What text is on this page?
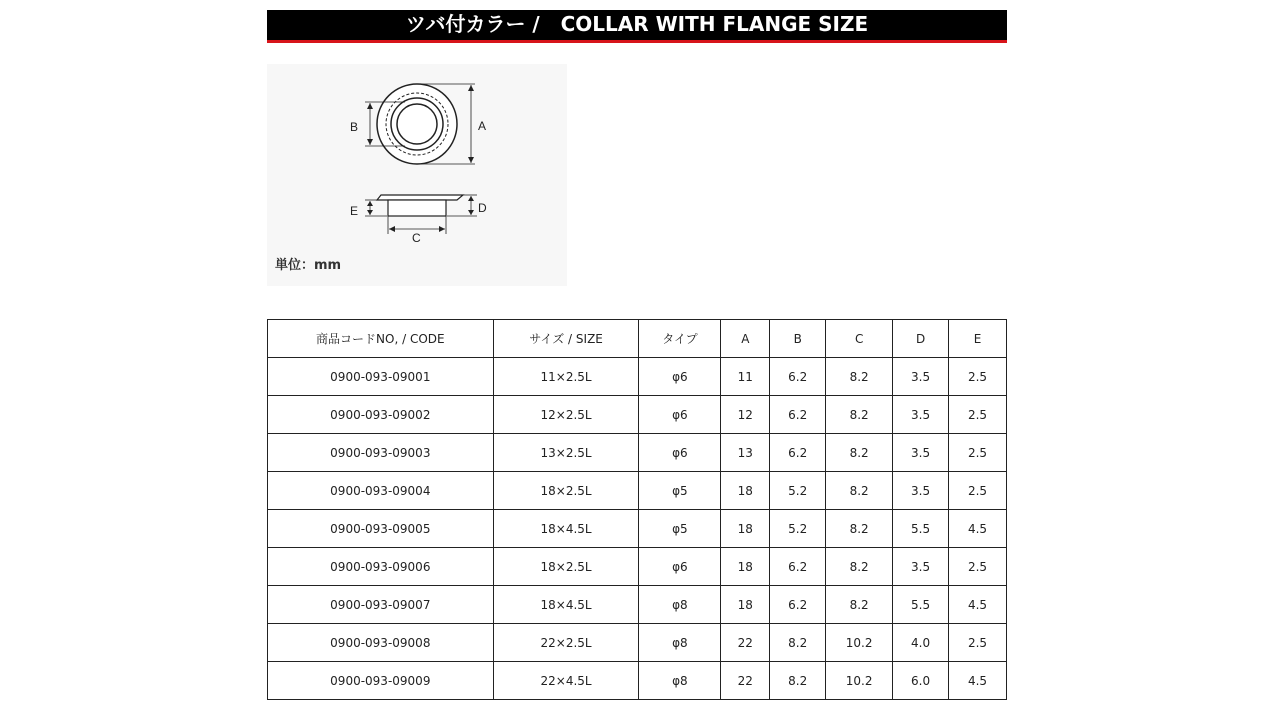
ツバ付カラー /   COLLAR WITH FLANGE SIZE
A
B
C
D
E
単位：mm
商品コードNO, / CODE	サイズ / SIZE	タイプ	A	B	C	D	E
0900-093-09001	11×2.5L	φ6	11	6.2	8.2	3.5	2.5
0900-093-09002	12×2.5L	φ6	12	6.2	8.2	3.5	2.5
0900-093-09003	13×2.5L	φ6	13	6.2	8.2	3.5	2.5
0900-093-09004	18×2.5L	φ5	18	5.2	8.2	3.5	2.5
0900-093-09005	18×4.5L	φ5	18	5.2	8.2	5.5	4.5
0900-093-09006	18×2.5L	φ6	18	6.2	8.2	3.5	2.5
0900-093-09007	18×4.5L	φ8	18	6.2	8.2	5.5	4.5
0900-093-09008	22×2.5L	φ8	22	8.2	10.2	4.0	2.5
0900-093-09009	22×4.5L	φ8	22	8.2	10.2	6.0	4.5
